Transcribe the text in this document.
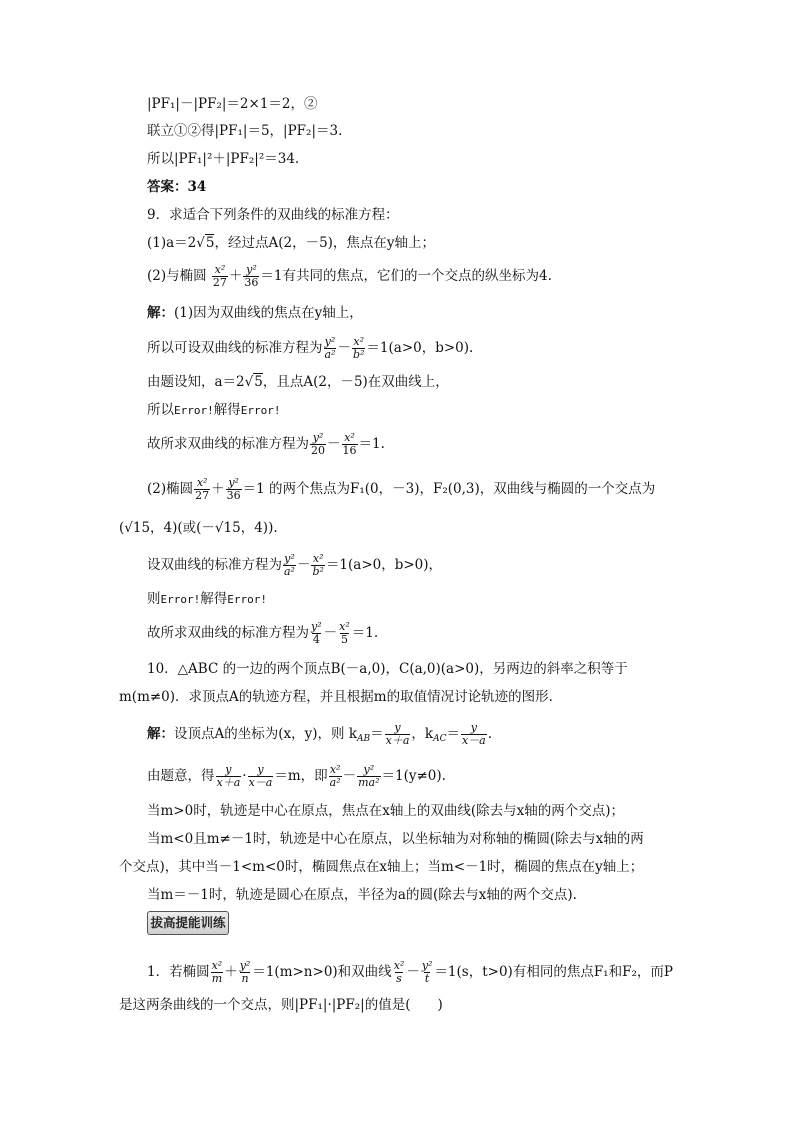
|PF₁|－|PF₂|＝2×1＝2，②
联立①②得|PF₁|＝5，|PF₂|＝3.
所以|PF₁|²＋|PF₂|²＝34.
答案：34
9．求适合下列条件的双曲线的标准方程：
(1)a＝2√5，经过点A(2，－5)，焦点在y轴上；
(2)与椭圆 $\frac{\text{x²}}{27} + \frac{\text{y²}}{36} =1$有共同的焦点，它们的一个交点的纵坐标为4.
解：(1)因为双曲线的焦点在y轴上，
所以可设双曲线的标准方程为 $\frac{\text{y²}}{\text{a²}} - \frac{\text{x²}}{\text{b²}} =1(a>0$，b>0).
由题设知，a＝2√5，且点A(2，－5)在双曲线上，
所以Error!解得Error!
故所求双曲线的标准方程为 $\frac{\text{y²}}{20} - \frac{\text{x²}}{16} =1$.
(2)椭圆 $\frac{\text{x²}}{27} + \frac{\text{y²}}{36} =1$ 的两个焦点为F₁(0，－3)，F₂(0,3)，双曲线与椭圆的一个交点为
(√15，4)(或(－√15，4)).
设双曲线的标准方程为 $\frac{\text{y²}}{\text{a²}} - \frac{\text{x²}}{\text{b²}} =1(a>0$，b>0)，
则Error!解得Error!
故所求双曲线的标准方程为 $\frac{\text{y²}}{4} - \frac{\text{x²}}{5} =1$.
10．△ABC 的一边的两个顶点B(－a,0)，C(a,0)(a>0)，另两边的斜率之积等于
m(m≠0)．求顶点A的轨迹方程，并且根据m的取值情况讨论轨迹的图形.
解：设顶点A的坐标为(x，y)，则 $k_{AB}= \frac{y}{x+a}$ ，$k_{AC}= \frac{y}{x-a}$ .
由题意，得 $\frac{y}{x+a} \cdot \frac{y}{x-a} =m$，即 $\frac{\text{x²}}{\text{a²}} - \frac{\text{y²}}{\text{ma²}} =1(y\ne 0)$.
当m>0时，轨迹是中心在原点，焦点在x轴上的双曲线(除去与x轴的两个交点)；
当m<0且m≠－1时，轨迹是中心在原点，以坐标轴为对称轴的椭圆(除去与x轴的两
个交点)，其中当－1<m<0时，椭圆焦点在x轴上；当m<－1时，椭圆的焦点在y轴上；
当m＝－1时，轨迹是圆心在原点，半径为a的圆(除去与x轴的两个交点).
拔高提能训练
1．若椭圆 $\frac{\text{x²}}{m} + \frac{\text{y²}}{n} =1(m>n>0)$和双曲线 $\frac{\text{x²}}{s} - \frac{\text{y²}}{t} =1(s$，t>0)有相同的焦点F₁和F₂，而P
是这两条曲线的一个交点，则|PF₁|·|PF₂|的值是(　　)
